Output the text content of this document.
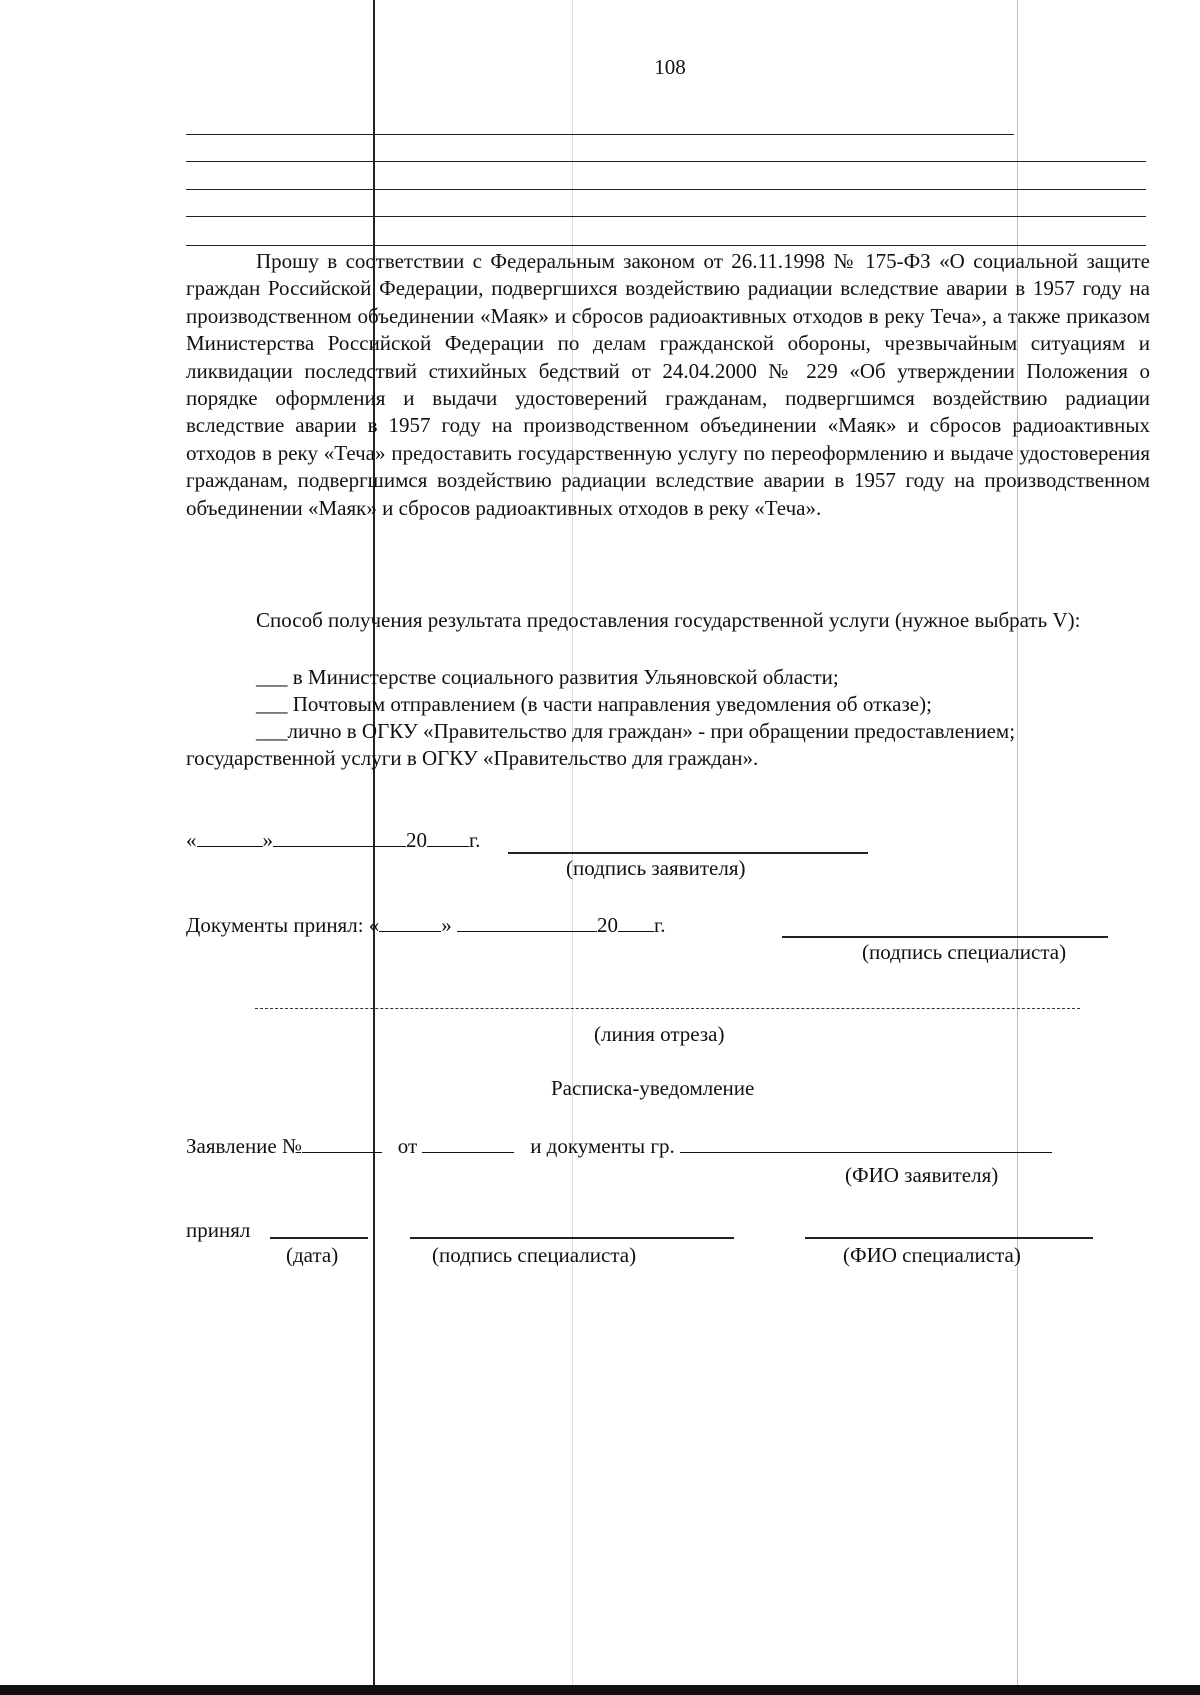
108

Прошу в соответствии с Федеральным законом от 26.11.1998 № 175-ФЗ «О социальной защите граждан Российской Федерации, подвергшихся воздействию радиации вследствие аварии в 1957 году на производственном объединении «Маяк» и сбросов радиоактивных отходов в реку Теча», а также приказом Министерства Российской Федерации по делам гражданской обороны, чрезвычайным ситуациям и ликвидации последствий стихийных бедствий от 24.04.2000 № 229 «Об утверждении Положения о порядке оформления и выдачи удостоверений гражданам, подвергшимся воздействию радиации вследствие аварии в 1957 году на производственном объединении «Маяк» и сбросов радиоактивных отходов в реку «Теча» предоставить государственную услугу по переоформлению и выдаче удостоверения гражданам, подвергшимся воздействию радиации вследствие аварии в 1957 году на производственном объединении «Маяк» и сбросов радиоактивных отходов в реку «Теча».

Способ получения результата предоставления государственной услуги (нужное выбрать V):

___ в Министерстве социального развития Ульяновской области;
___ Почтовым отправлением (в части направления уведомления об отказе);
___лично в ОГКУ «Правительство для граждан» - при обращении предоставлением;
государственной услуги в ОГКУ «Правительство для граждан».
«	»	20 г.
(подпись заявителя)
Документы принял: «	»	20 г.
(подпись специалиста)
(линия отреза)
Расписка-уведомление
Заявление №	от	и документы гр.
(ФИО заявителя)
принял
(дата)	(подпись специалиста)	(ФИО специалиста)
